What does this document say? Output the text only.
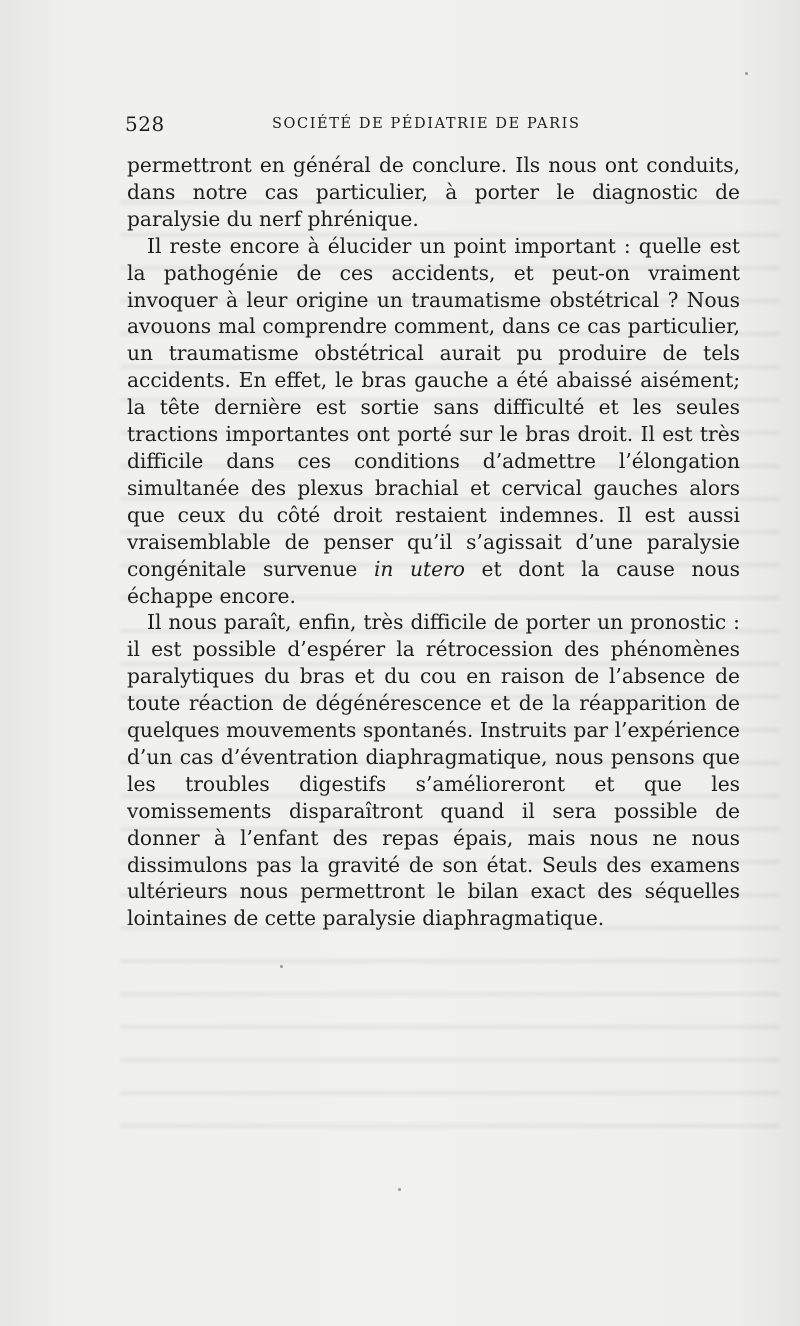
528	SOCIÉTÉ DE PÉDIATRIE DE PARIS

permettront en général de conclure. Ils nous ont conduits, dans notre cas particulier, à porter le diagnostic de paralysie du nerf phrénique.

Il reste encore à élucider un point important : quelle est la pathogénie de ces accidents, et peut-on vraiment invoquer à leur origine un traumatisme obstétrical ? Nous avouons mal comprendre comment, dans ce cas particulier, un traumatisme obstétrical aurait pu produire de tels accidents. En effet, le bras gauche a été abaissé aisément; la tête dernière est sortie sans difficulté et les seules tractions importantes ont porté sur le bras droit. Il est très difficile dans ces conditions d’admettre l’élongation simultanée des plexus brachial et cervical gauches alors que ceux du côté droit restaient indemnes. Il est aussi vraisemblable de penser qu’il s’agissait d’une paralysie congénitale survenue in utero et dont la cause nous échappe encore.

Il nous paraît, enfin, très difficile de porter un pronostic : il est possible d’espérer la rétrocession des phénomènes paralytiques du bras et du cou en raison de l’absence de toute réaction de dégénérescence et de la réapparition de quelques mouvements spontanés. Instruits par l’expérience d’un cas d’éventration diaphragmatique, nous pensons que les troubles digestifs s’amélioreront et que les vomissements disparaîtront quand il sera possible de donner à l’enfant des repas épais, mais nous ne nous dissimulons pas la gravité de son état. Seuls des examens ultérieurs nous permettront le bilan exact des séquelles lointaines de cette paralysie diaphragmatique.
